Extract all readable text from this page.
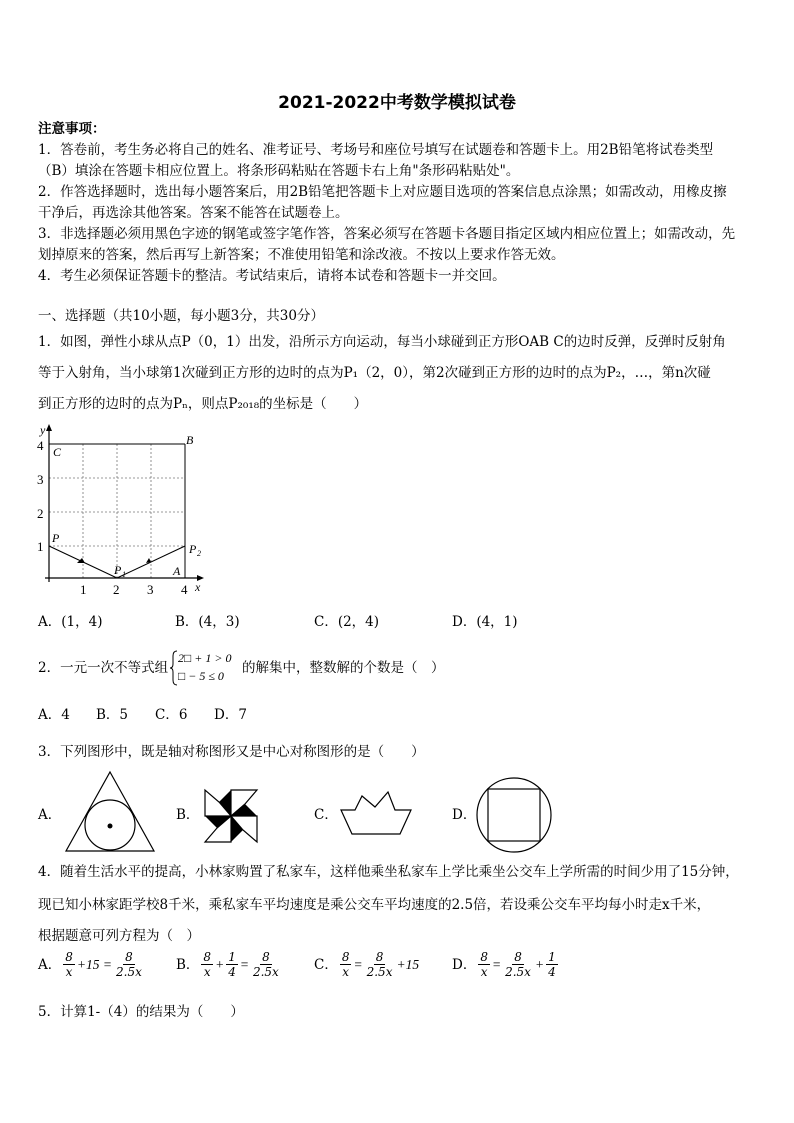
2021-2022中考数学模拟试卷
注意事项：
1．答卷前，考生务必将自己的姓名、准考证号、考场号和座位号填写在试题卷和答题卡上。用2B铅笔将试卷类型
（B）填涂在答题卡相应位置上。将条形码粘贴在答题卡右上角"条形码粘贴处"。
2．作答选择题时，选出每小题答案后，用2B铅笔把答题卡上对应题目选项的答案信息点涂黑；如需改动，用橡皮擦
干净后，再选涂其他答案。答案不能答在试题卷上。
3．非选择题必须用黑色字迹的钢笔或签字笔作答，答案必须写在答题卡各题目指定区域内相应位置上；如需改动，先
划掉原来的答案，然后再写上新答案；不准使用铅笔和涂改液。不按以上要求作答无效。
4．考生必须保证答题卡的整洁。考试结束后，请将本试卷和答题卡一并交回。
一、选择题（共10小题，每小题3分，共30分）
1．如图，弹性小球从点P（0，1）出发，沿所示方向运动，每当小球碰到正方形OAB C的边时反弹，反弹时反射角
等于入射角，当小球第1次碰到正方形的边时的点为P₁（2，0），第2次碰到正方形的边时的点为P₂，…，第n次碰
到正方形的边时的点为Pₙ，则点P₂₀₁₈的坐标是（　　）
4
3
2
1
1 2 3 4
y
x
C
B
P
P 1
P 2
A
A．(1，4)	B．(4，3)	C．(2，4)	D．(4，1)
2．一元一次不等式组
2□ + 1 > 0
□ − 5 ≤ 0 的解集中，整数解的个数是（　）
A．4 B．5 C．6 D．7
3．下列图形中，既是轴对称图形又是中心对称图形的是（　　）
A．	B．	C．	D．
4．随着生活水平的提高，小林家购置了私家车，这样他乘坐私家车上学比乘坐公交车上学所需的时间少用了15分钟，
现已知小林家距学校8千米，乘私家车平均速度是乘公交车平均速度的2.5倍，若设乘公交车平均每小时走x千米，
根据题意可列方程为（　）
A． $\frac{8}{x} +15 = \frac{8}{2.5x}$ B． $\frac{8}{x} + \frac{1}{4} = \frac{8}{2.5x}$ C． $\frac{8}{x} = \frac{8}{2.5x} +15$ D． $\frac{8}{x} = \frac{8}{2.5x} + \frac{1}{4}$
5．计算1-（4）的结果为（　　）
